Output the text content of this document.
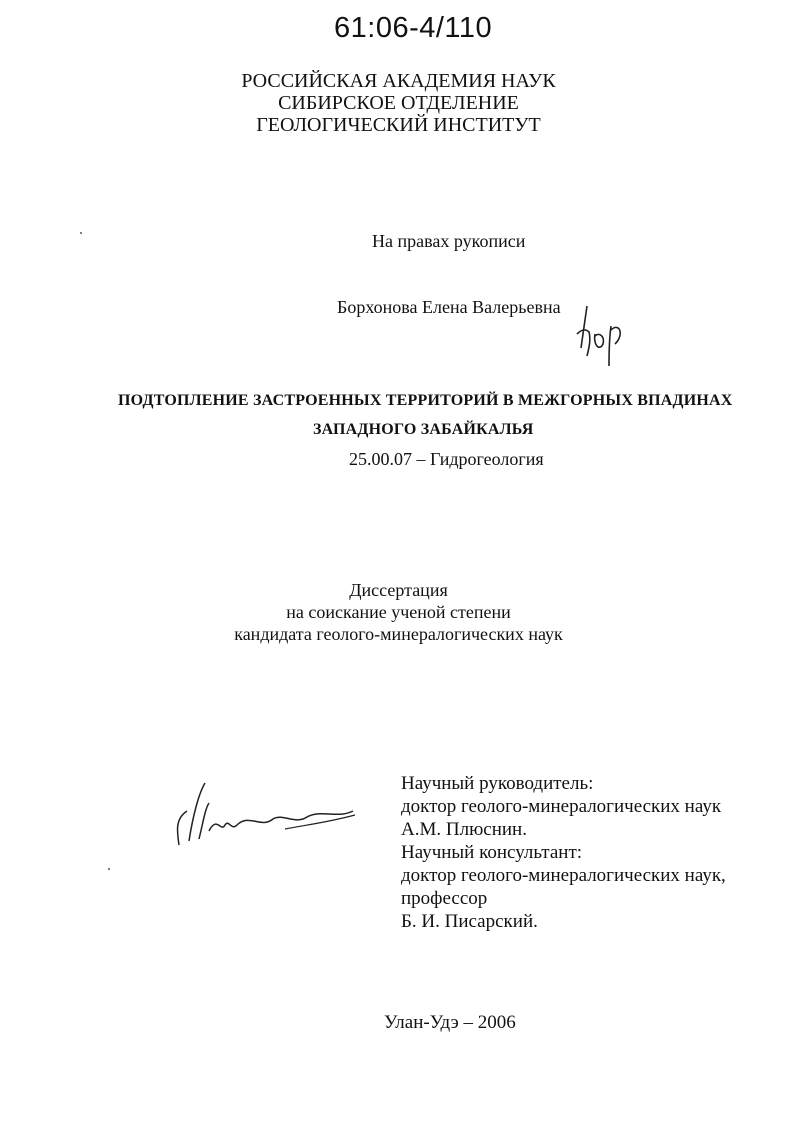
61:06-4/110
РОССИЙСКАЯ АКАДЕМИЯ НАУК
СИБИРСКОЕ ОТДЕЛЕНИЕ
ГЕОЛОГИЧЕСКИЙ ИНСТИТУТ
На правах рукописи
Борхонова Елена Валерьевна
ПОДТОПЛЕНИЕ ЗАСТРОЕННЫХ ТЕРРИТОРИЙ В МЕЖГОРНЫХ ВПАДИНАХ
ЗАПАДНОГО ЗАБАЙКАЛЬЯ
25.00.07 – Гидрогеология
Диссертация
на соискание ученой степени
кандидата геолого-минералогических наук
Научный руководитель:
доктор геолого-минералогических наук
А.М. Плюснин.
Научный консультант:
доктор геолого-минералогических наук,
профессор
Б. И. Писарский.
Улан-Удэ – 2006
